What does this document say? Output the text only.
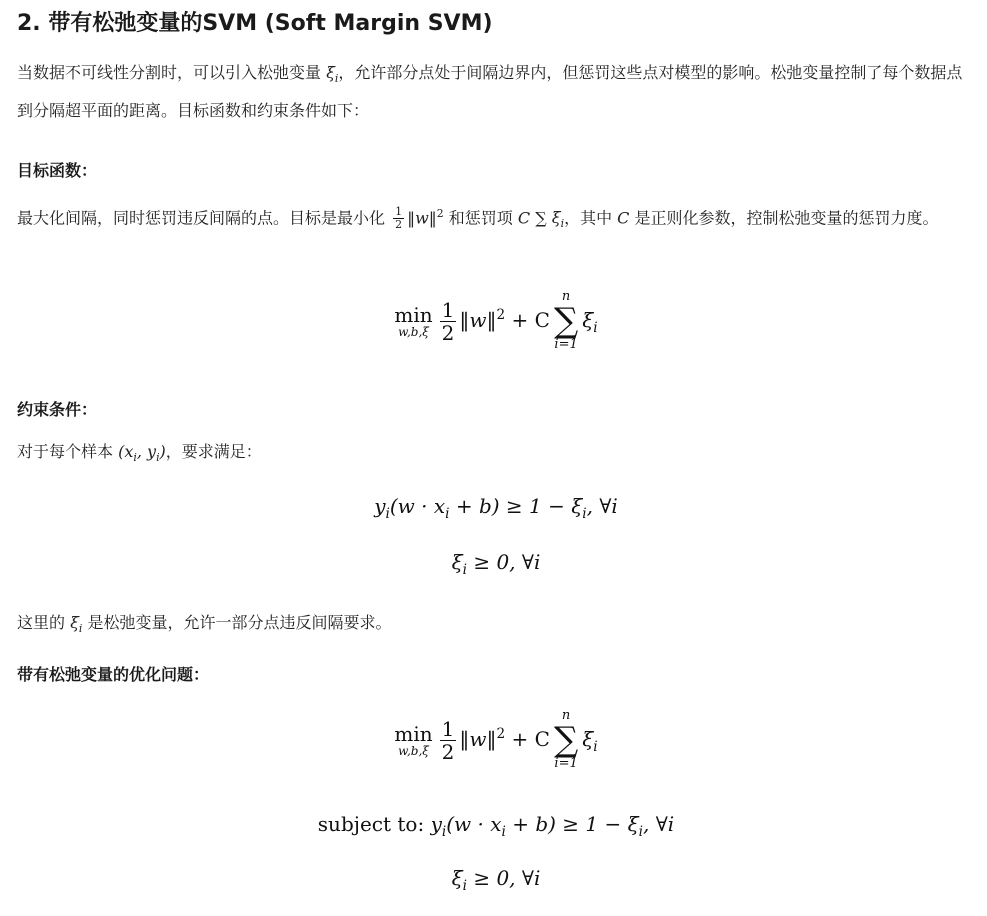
2. 带有松弛变量的SVM (Soft Margin SVM)
当数据不可线性分割时，可以引入松弛变量 $\xi_i$，允许部分点处于间隔边界内，但惩罚这些点对模型的影响。松弛变量控制了每个数据点到分隔超平面的距离。目标函数和约束条件如下：
目标函数：
最大化间隔，同时惩罚违反间隔的点。目标是最小化 $\frac{1}{2}$ ‖w‖$^2$ 和惩罚项 C ∑ $\xi_i$，其中 C 是正则化参数，控制松弛变量的惩罚力度。
min
$w,b,\xi \frac{1}{2}$ ‖w‖$^2$ + C
n
∑
i=1
$\xi_i$
约束条件：
对于每个样本 ($x_i$, $y_i$)，要求满足：
$y_i(w \cdot x_i + b) \ge 1 - \xi_i$, ∀i
$\xi_i \ge 0$, ∀i
这里的 $\xi_i$ 是松弛变量，允许一部分点违反间隔要求。
带有松弛变量的优化问题：
min
$w,b,\xi \frac{1}{2}$ ‖w‖$^2$ + C
n
∑
i=1
$\xi_i$
subject to: $y_i(w \cdot x_i + b) \ge 1 - \xi_i$, ∀i
$\xi_i \ge 0$, ∀i
